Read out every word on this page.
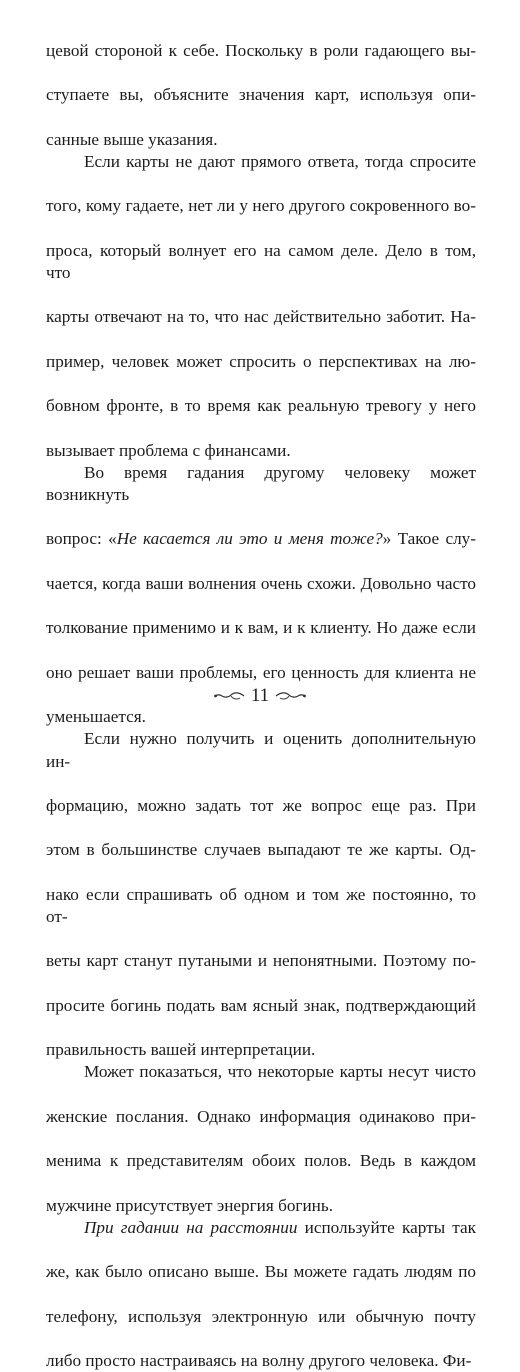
цевой стороной к себе. Поскольку в роли гадающего вы- ступаете вы, объясните значения карт, используя опи- санные выше указания.

Если карты не дают прямого ответа, тогда спросите того, кому гадаете, нет ли у него другого сокровенного во- проса, который волнует его на самом деле. Дело в том, что карты отвечают на то, что нас действительно заботит. На- пример, человек может спросить о перспективах на лю- бовном фронте, в то время как реальную тревогу у него вызывает проблема с финансами.

Во время гадания другому человеку может возникнуть вопрос: «Не касается ли это и меня тоже?» Такое слу- чается, когда ваши волнения очень схожи. Довольно часто толкование применимо и к вам, и к клиенту. Но даже если оно решает ваши проблемы, его ценность для клиента не уменьшается.

Если нужно получить и оценить дополнительную ин- формацию, можно задать тот же вопрос еще раз. При этом в большинстве случаев выпадают те же карты. Од- нако если спрашивать об одном и том же постоянно, то от- веты карт станут путаными и непонятными. Поэтому по- просите богинь подать вам ясный знак, подтверждающий правильность вашей интерпретации.

Может показаться, что некоторые карты несут чисто женские послания. Однако информация одинаково при- менима к представителям обоих полов. Ведь в каждом мужчине присутствует энергия богинь.

При гадании на расстоянии используйте карты так же, как было описано выше. Вы можете гадать людям по телефону, используя электронную или обычную почту либо просто настраиваясь на волну другого человека. Фи-

11
